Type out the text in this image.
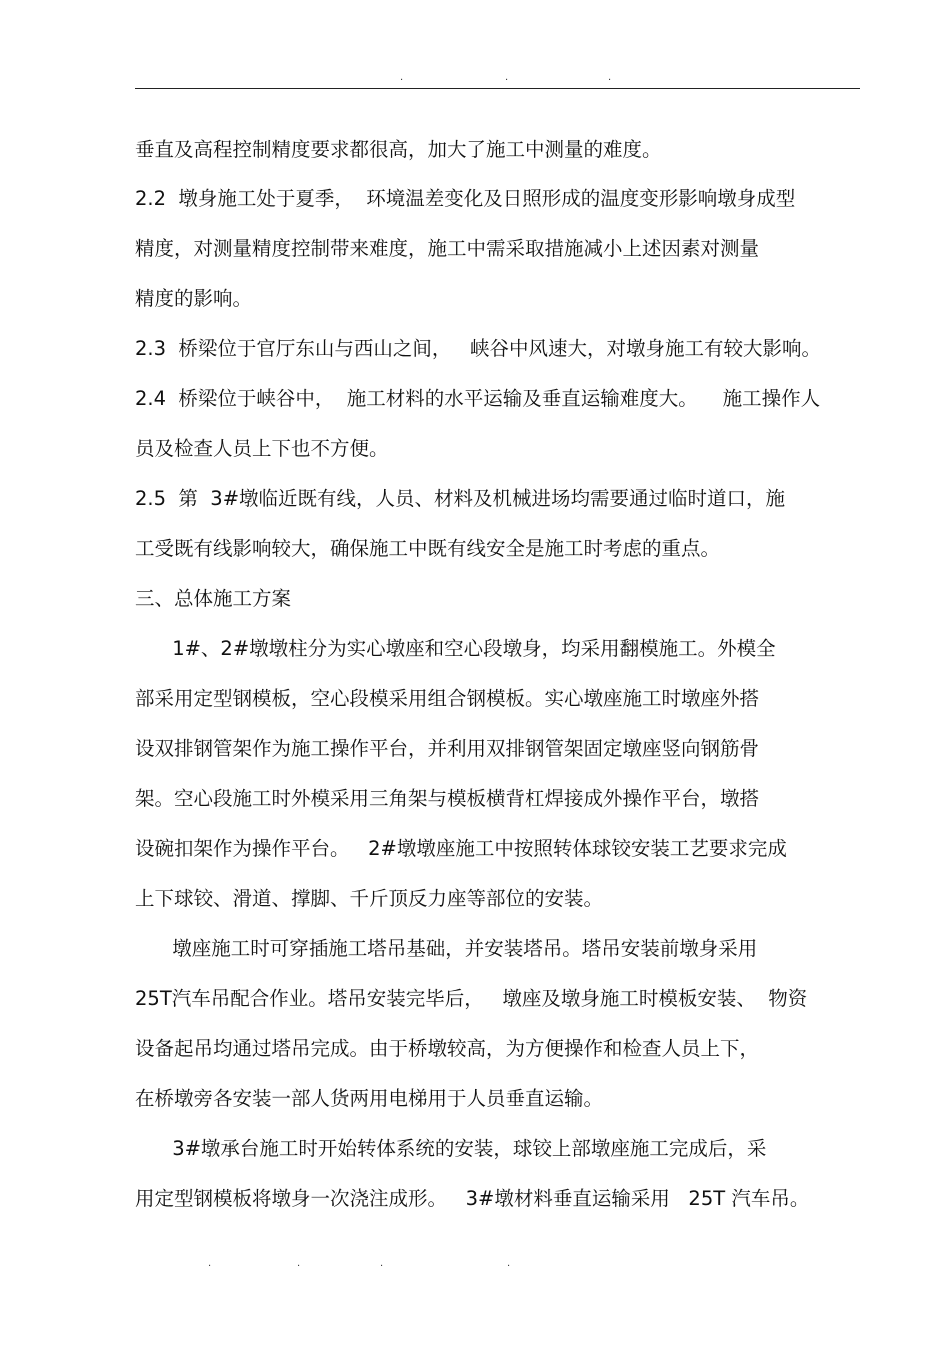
.	.	.
垂直及高程控制精度要求都很高，加大了施工中测量的难度。
2.2  墩身施工处于夏季，  环境温差变化及日照形成的温度变形影响墩身成型
精度，对测量精度控制带来难度，施工中需采取措施减小上述因素对测量
精度的影响。
2.3  桥梁位于官厅东山与西山之间，   峡谷中风速大，对墩身施工有较大影响。
2.4  桥梁位于峡谷中，  施工材料的水平运输及垂直运输难度大。    施工操作人
员及检查人员上下也不方便。
2.5  第  3#墩临近既有线，人员、材料及机械进场均需要通过临时道口，施
工受既有线影响较大，确保施工中既有线安全是施工时考虑的重点。
三、总体施工方案
1#、2#墩墩柱分为实心墩座和空心段墩身，均采用翻模施工。外模全
部采用定型钢模板，空心段模采用组合钢模板。实心墩座施工时墩座外搭
设双排钢管架作为施工操作平台，并利用双排钢管架固定墩座竖向钢筋骨
架。空心段施工时外模采用三角架与模板横背杠焊接成外操作平台，墩搭
设碗扣架作为操作平台。   2#墩墩座施工中按照转体球铰安装工艺要求完成
上下球铰、滑道、撑脚、千斤顶反力座等部位的安装。
墩座施工时可穿插施工塔吊基础，并安装塔吊。塔吊安装前墩身采用
25T汽车吊配合作业。塔吊安装完毕后，   墩座及墩身施工时模板安装、  物资
设备起吊均通过塔吊完成。由于桥墩较高，为方便操作和检查人员上下，
在桥墩旁各安装一部人货两用电梯用于人员垂直运输。
3#墩承台施工时开始转体系统的安装，球铰上部墩座施工完成后，采
用定型钢模板将墩身一次浇注成形。   3#墩材料垂直运输采用   25T 汽车吊。
.	.	.	.
